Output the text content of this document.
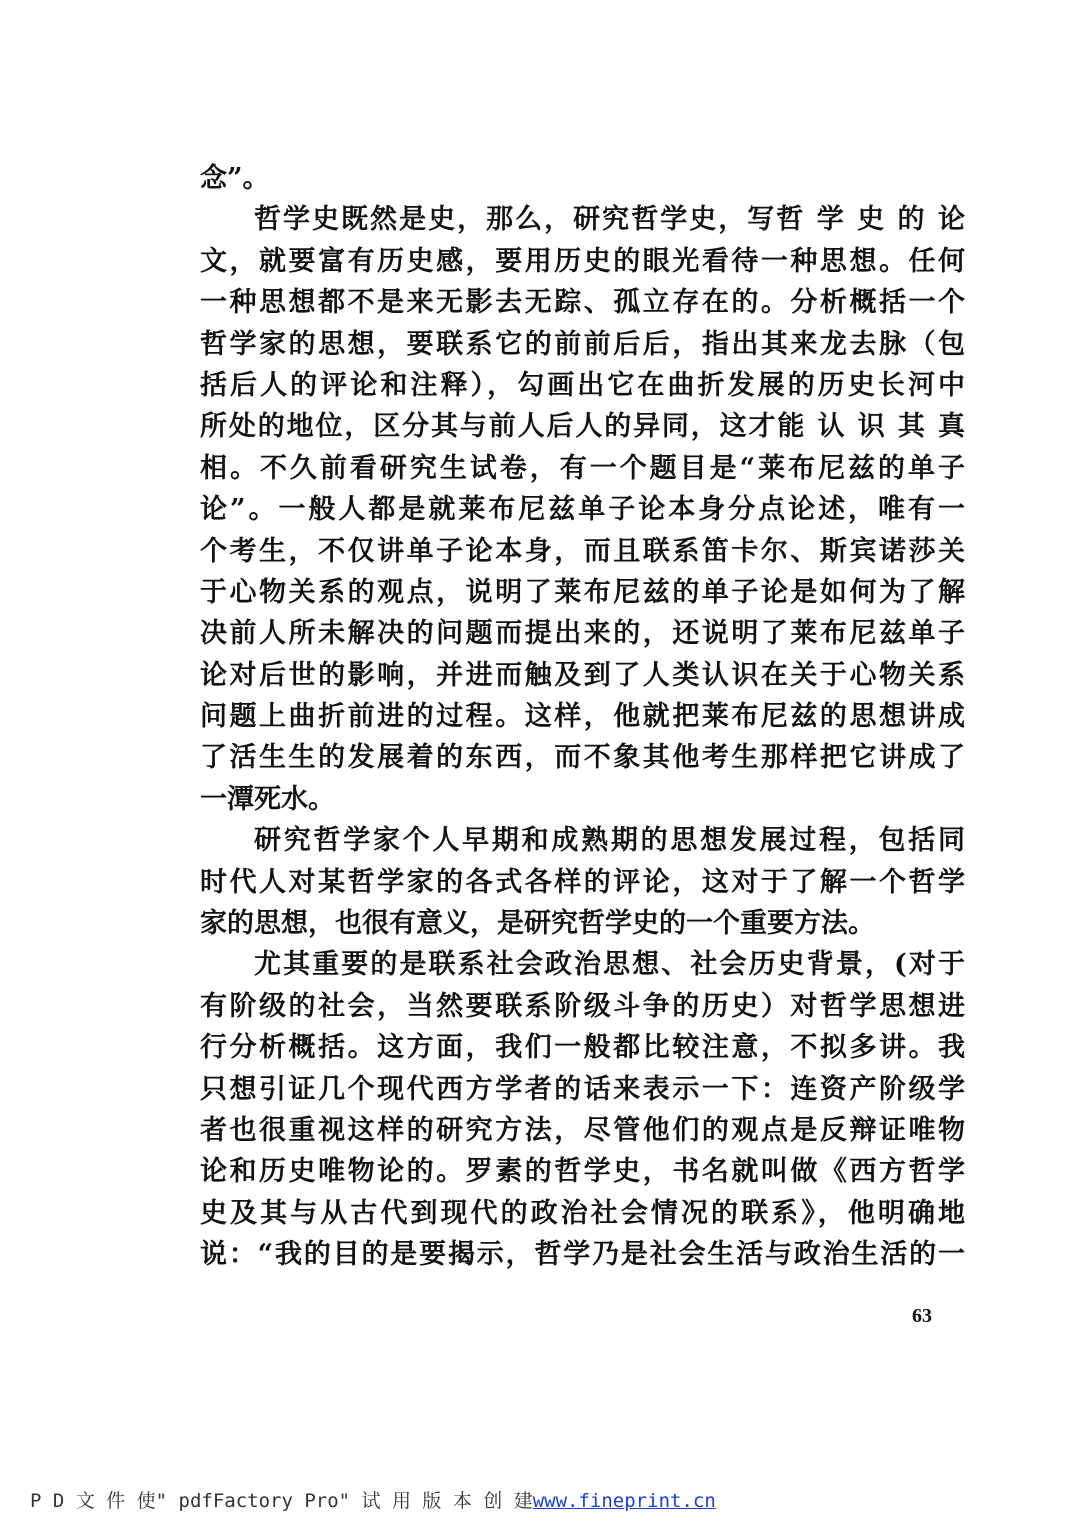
念”。
哲学史既然是史，那么，研究哲学史，写哲 学 史 的 论
文，就要富有历史感，要用历史的眼光看待一种思想。任何
一种思想都不是来无影去无踪、孤立存在的。分析概括一个
哲学家的思想，要联系它的前前后后，指出其来龙去脉（包
括后人的评论和注释），勾画出它在曲折发展的历史长河中
所处的地位，区分其与前人后人的异同，这才能 认 识 其 真
相。不久前看研究生试卷，有一个题目是“莱布尼兹的单子
论”。一般人都是就莱布尼兹单子论本身分点论述，唯有一
个考生，不仅讲单子论本身，而且联系笛卡尔、斯宾诺莎关
于心物关系的观点，说明了莱布尼兹的单子论是如何为了解
决前人所未解决的问题而提出来的，还说明了莱布尼兹单子
论对后世的影响，并进而触及到了人类认识在关于心物关系
问题上曲折前进的过程。这样，他就把莱布尼兹的思想讲成
了活生生的发展着的东西，而不象其他考生那样把它讲成了
一潭死水。
研究哲学家个人早期和成熟期的思想发展过程，包括同
时代人对某哲学家的各式各样的评论，这对于了解一个哲学
家的思想，也很有意义，是研究哲学史的一个重要方法。
尤其重要的是联系社会政治思想、社会历史背景，(对于
有阶级的社会，当然要联系阶级斗争的历史）对哲学思想进
行分析概括。这方面，我们一般都比较注意，不拟多讲。我
只想引证几个现代西方学者的话来表示一下：连资产阶级学
者也很重视这样的研究方法，尽管他们的观点是反辩证唯物
论和历史唯物论的。罗素的哲学史，书名就叫做《西方哲学
史及其与从古代到现代的政治社会情况的联系》，他明确地
说：“我的目的是要揭示，哲学乃是社会生活与政治生活的一
63
P D 文 件 使" pdfFactory Pro" 试 用 版 本 创 建www.fineprint.cn
